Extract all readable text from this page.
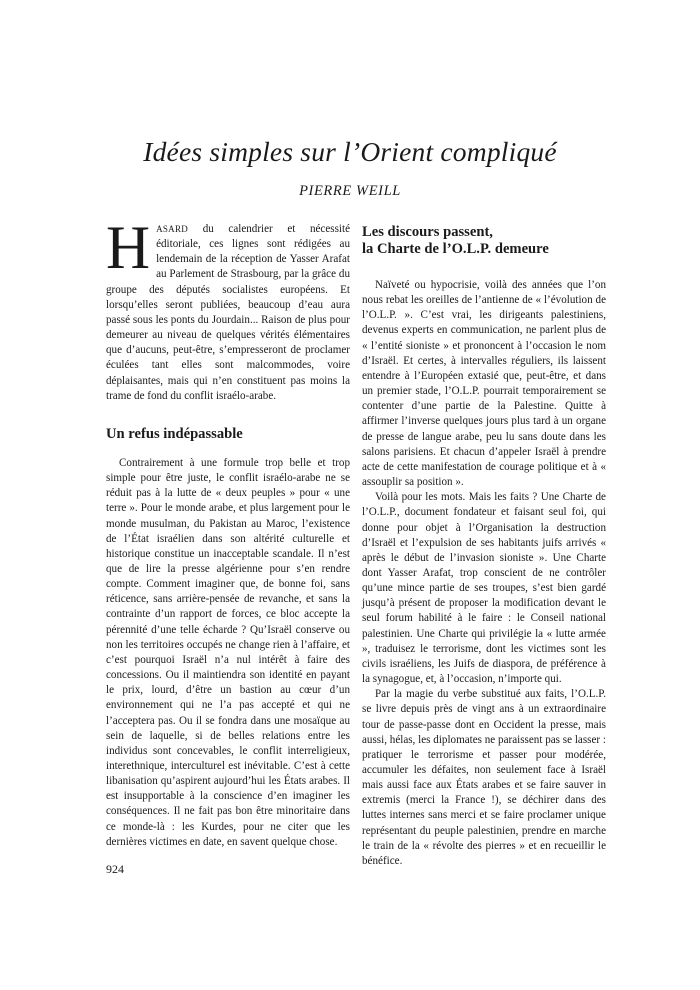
Idées simples sur l’Orient compliqué
PIERRE WEILL

HASARD du calendrier et nécessité éditoriale, ces lignes sont rédigées au lendemain de la réception de Yasser Arafat au Parlement de Strasbourg, par la grâce du groupe des députés socialistes européens. Et lorsqu’elles seront publiées, beaucoup d’eau aura passé sous les ponts du Jourdain... Raison de plus pour demeurer au niveau de quelques vérités élémentaires que d’aucuns, peut-être, s’empresseront de proclamer éculées tant elles sont malcommodes, voire déplaisantes, mais qui n’en constituent pas moins la trame de fond du conflit israélo-arabe.

Un refus indépassable

Contrairement à une formule trop belle et trop simple pour être juste, le conflit israélo-arabe ne se réduit pas à la lutte de « deux peuples » pour « une terre ». Pour le monde arabe, et plus largement pour le monde musulman, du Pakistan au Maroc, l’existence de l’État israélien dans son altérité culturelle et historique constitue un inacceptable scandale. Il n’est que de lire la presse algérienne pour s’en rendre compte. Comment imaginer que, de bonne foi, sans réticence, sans arrière-pensée de revanche, et sans la contrainte d’un rapport de forces, ce bloc accepte la pérennité d’une telle écharde ? Qu’Israël conserve ou non les territoires occupés ne change rien à l’affaire, et c’est pourquoi Israël n’a nul intérêt à faire des concessions. Ou il maintiendra son identité en payant le prix, lourd, d’être un bastion au cœur d’un environnement qui ne l’a pas accepté et qui ne l’acceptera pas. Ou il se fondra dans une mosaïque au sein de laquelle, si de belles relations entre les individus sont concevables, le conflit interreligieux, interethnique, interculturel est inévitable. C’est à cette libanisation qu’aspirent aujourd’hui les États arabes. Il est insupportable à la conscience d’en imaginer les conséquences. Il ne fait pas bon être minoritaire dans ce monde-là : les Kurdes, pour ne citer que les dernières victimes en date, en savent quelque chose.

Les discours passent,
la Charte de l’O.L.P. demeure

Naïveté ou hypocrisie, voilà des années que l’on nous rebat les oreilles de l’antienne de « l’évolution de l’O.L.P. ». C’est vrai, les dirigeants palestiniens, devenus experts en communication, ne parlent plus de « l’entité sioniste » et prononcent à l’occasion le nom d’Israël. Et certes, à intervalles réguliers, ils laissent entendre à l’Européen extasié que, peut-être, et dans un premier stade, l’O.L.P. pourrait temporairement se contenter d’une partie de la Palestine. Quitte à affirmer l’inverse quelques jours plus tard à un organe de presse de langue arabe, peu lu sans doute dans les salons parisiens. Et chacun d’appeler Israël à prendre acte de cette manifestation de courage politique et à « assouplir sa position ».

Voilà pour les mots. Mais les faits ? Une Charte de l’O.L.P., document fondateur et faisant seul foi, qui donne pour objet à l’Organisation la destruction d’Israël et l’expulsion de ses habitants juifs arrivés « après le début de l’invasion sioniste ». Une Charte dont Yasser Arafat, trop conscient de ne contrôler qu’une mince partie de ses troupes, s’est bien gardé jusqu’à présent de proposer la modification devant le seul forum habilité à le faire : le Conseil national palestinien. Une Charte qui privilégie la « lutte armée », traduisez le terrorisme, dont les victimes sont les civils israéliens, les Juifs de diaspora, de préférence à la synagogue, et, à l’occasion, n’importe qui.

Par la magie du verbe substitué aux faits, l’O.L.P. se livre depuis près de vingt ans à un extraordinaire tour de passe-passe dont en Occident la presse, mais aussi, hélas, les diplomates ne paraissent pas se lasser : pratiquer le terrorisme et passer pour modérée, accumuler les défaites, non seulement face à Israël mais aussi face aux États arabes et se faire sauver in extremis (merci la France !), se déchirer dans des luttes internes sans merci et se faire proclamer unique représentant du peuple palestinien, prendre en marche le train de la « révolte des pierres » et en recueillir le bénéfice.

924
